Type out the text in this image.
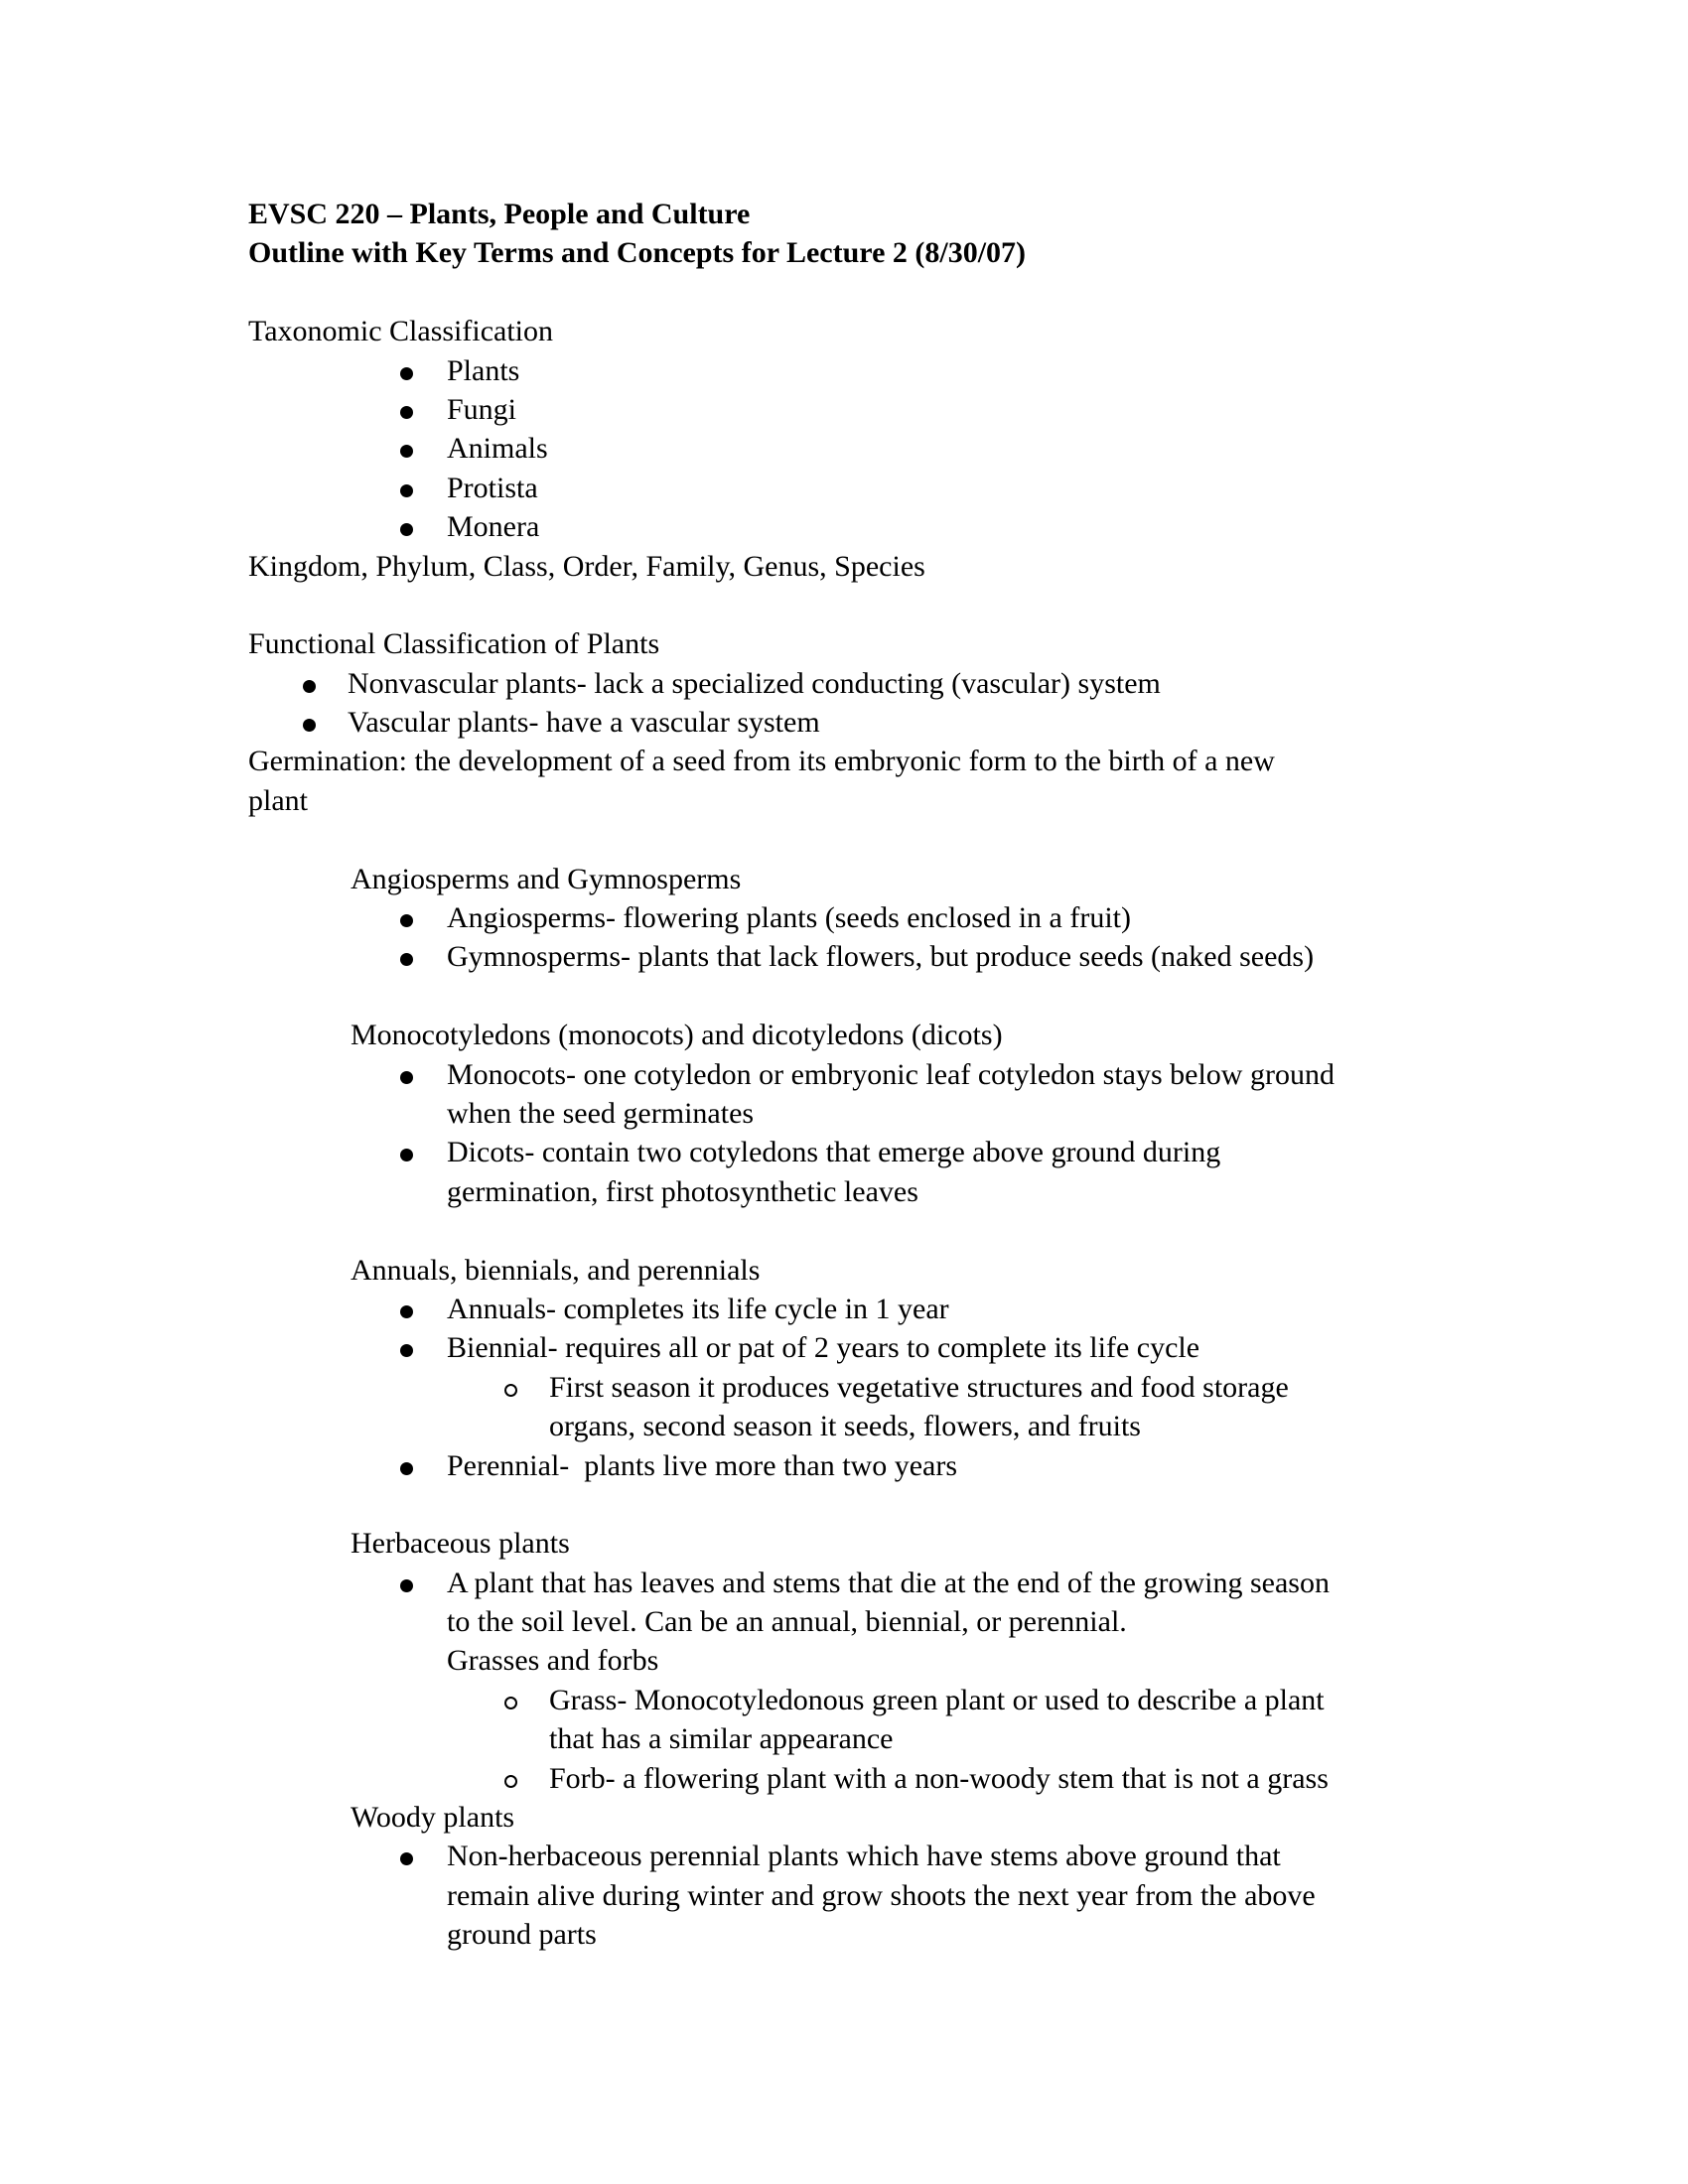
EVSC 220 – Plants, People and Culture
Outline with Key Terms and Concepts for Lecture 2 (8/30/07)
Taxonomic Classification
Plants
Fungi
Animals
Protista
Monera
Kingdom, Phylum, Class, Order, Family, Genus, Species
Functional Classification of Plants
Nonvascular plants- lack a specialized conducting (vascular) system
Vascular plants- have a vascular system
Germination: the development of a seed from its embryonic form to the birth of a new
plant
Angiosperms and Gymnosperms
Angiosperms- flowering plants (seeds enclosed in a fruit)
Gymnosperms- plants that lack flowers, but produce seeds (naked seeds)
Monocotyledons (monocots) and dicotyledons (dicots)
Monocots- one cotyledon or embryonic leaf cotyledon stays below ground
when the seed germinates
Dicots- contain two cotyledons that emerge above ground during
germination, first photosynthetic leaves
Annuals, biennials, and perennials
Annuals- completes its life cycle in 1 year
Biennial- requires all or pat of 2 years to complete its life cycle
First season it produces vegetative structures and food storage
organs, second season it seeds, flowers, and fruits
Perennial-  plants live more than two years
Herbaceous plants
A plant that has leaves and stems that die at the end of the growing season
to the soil level. Can be an annual, biennial, or perennial.
Grasses and forbs
Grass- Monocotyledonous green plant or used to describe a plant
that has a similar appearance
Forb- a flowering plant with a non-woody stem that is not a grass
Woody plants
Non-herbaceous perennial plants which have stems above ground that
remain alive during winter and grow shoots the next year from the above
ground parts
